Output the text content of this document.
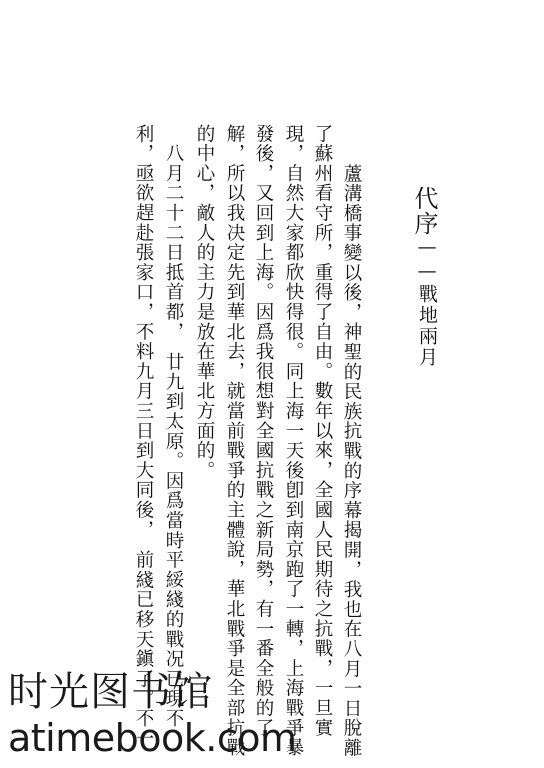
代序
——戰地兩月
蘆溝橋事變以後，神聖的民族抗戰的序幕揭開，我也在八月一日脫離
了蘇州看守所，重得了自由。數年以來，全國人民期待之抗戰，一旦實
現，自然大家都欣快得很。同上海一天後卽到南京跑了一轉，上海戰爭暴
發後，又回到上海。因爲我很想對全國抗戰之新局勢，有一番全般的了
解，所以我决定先到華北去，就當前戰爭的主體說，華北戰爭是全部抗戰
的中心，敵人的主力是放在華北方面的。
　八月二十二日抵首都，　廿九到太原。因爲當時平綏綫的戰况已現不
利，亟欲趕赴張家口，不料九月三日到大同後，　前綫已移天鎭了。不一
时光图书馆
atimebook.com
